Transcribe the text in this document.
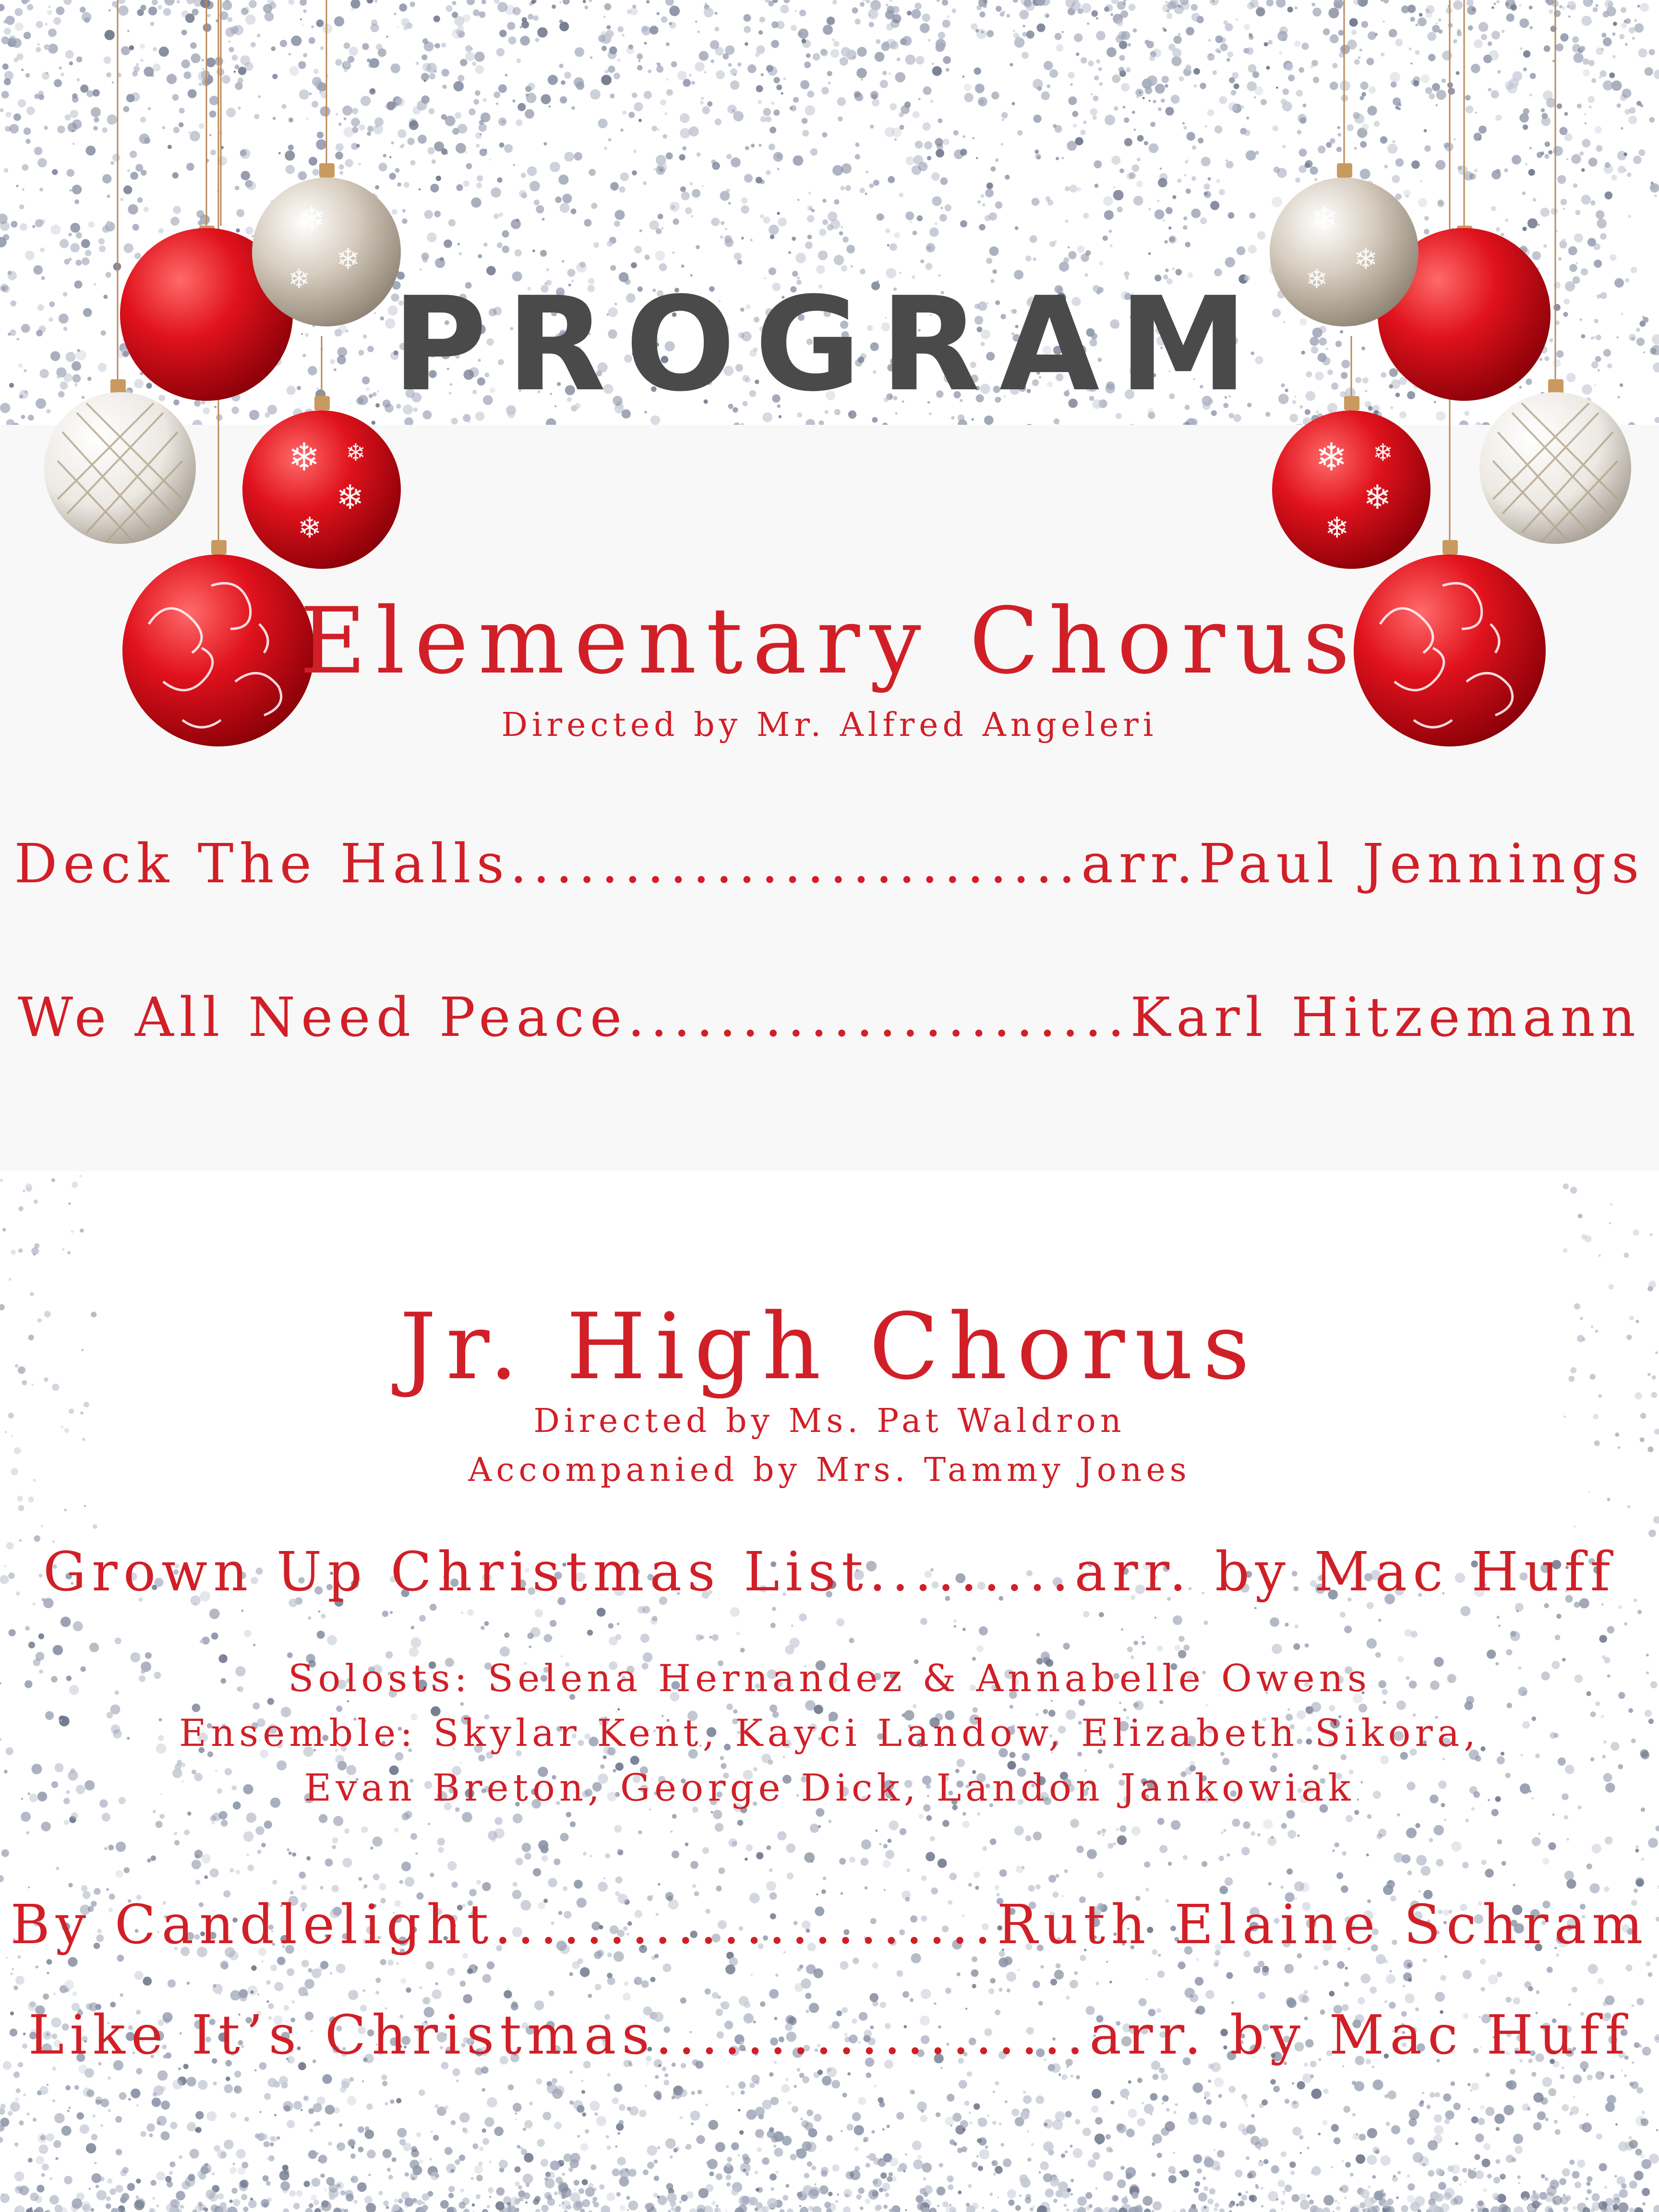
❄
❄
❄
❄
❄
❄
❄
❄
❄
❄
❄
❄
❄
❄
PROGRAM
Elementary Chorus
Directed by Mr. Alfred Angeleri
Deck The Halls.........................arr.Paul Jennings
We All Need Peace......................Karl Hitzemann
Jr. High Chorus
Directed by Ms. Pat Waldron
Accompanied by Mrs. Tammy Jones
Grown Up Christmas List.........arr. by Mac Huff
Solosts: Selena Hernandez & Annabelle Owens
Ensemble: Skylar Kent, Kayci Landow, Elizabeth Sikora,
Evan Breton, George Dick, Landon Jankowiak
By Candlelight......................Ruth Elaine Schram
Like It’s Christmas...................arr. by Mac Huff
